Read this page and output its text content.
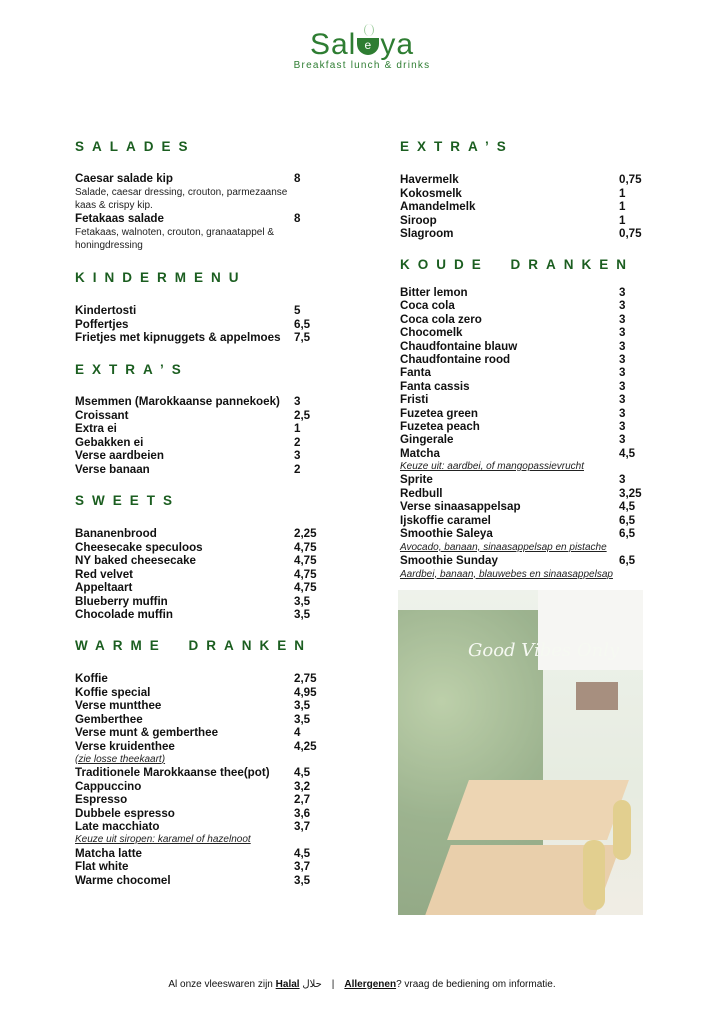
Sal e ya
Breakfast lunch & drinks
SALADES
Caesar salade kip	8
Salade, caesar dressing, crouton, parmezaanse kaas & crispy kip.
Fetakaas salade	8
Fetakaas, walnoten, crouton, granaatappel & honingdressing
KINDERMENU
Kindertosti	5
Poffertjes	6,5
Frietjes met kipnuggets & appelmoes 7,5
EXTRA’S
Msemmen (Marokkaanse pannekoek) 3
Croissant	2,5
Extra ei	1
Gebakken ei	2
Verse aardbeien	3
Verse banaan	2
SWEETS
Bananenbrood	2,25
Cheesecake speculoos	4,75
NY baked cheesecake	4,75
Red velvet	4,75
Appeltaart	4,75
Blueberry muffin	3,5
Chocolade muffin	3,5
WARME DRANKEN
Koffie	2,75
Koffie special	4,95
Verse muntthee	3,5
Gemberthee	3,5
Verse munt & gemberthee	4
Verse kruidenthee	4,25
(zie losse theekaart)
Traditionele Marokkaanse thee(pot) 4,5
Cappuccino	3,2
Espresso	2,7
Dubbele espresso	3,6
Late macchiato	3,7
Keuze uit siropen: karamel of hazelnoot
Matcha latte	4,5
Flat white	3,7
Warme chocomel	3,5
EXTRA’S
Havermelk	0,75
Kokosmelk	1
Amandelmelk	1
Siroop	1
Slagroom	0,75
KOUDE DRANKEN
Bitter lemon	3
Coca cola	3
Coca cola zero	3
Chocomelk	3
Chaudfontaine blauw	3
Chaudfontaine rood	3
Fanta	3
Fanta cassis	3
Fristi	3
Fuzetea green	3
Fuzetea peach	3
Gingerale	3
Matcha	4,5
Keuze uit: aardbei, of mangopassievrucht
Sprite	3
Redbull	3,25
Verse sinaasappelsap	4,5
Ijskoffie caramel	6,5
Smoothie Saleya	6,5
Avocado, banaan, sinaasappelsap en pistache
Smoothie Sunday	6,5
Aardbei, banaan, blauwebes en sinaasappelsap
Good Vibes Only
Al onze vleeswaren zijn Halal حلال | Allergenen? vraag de bediening om informatie.
